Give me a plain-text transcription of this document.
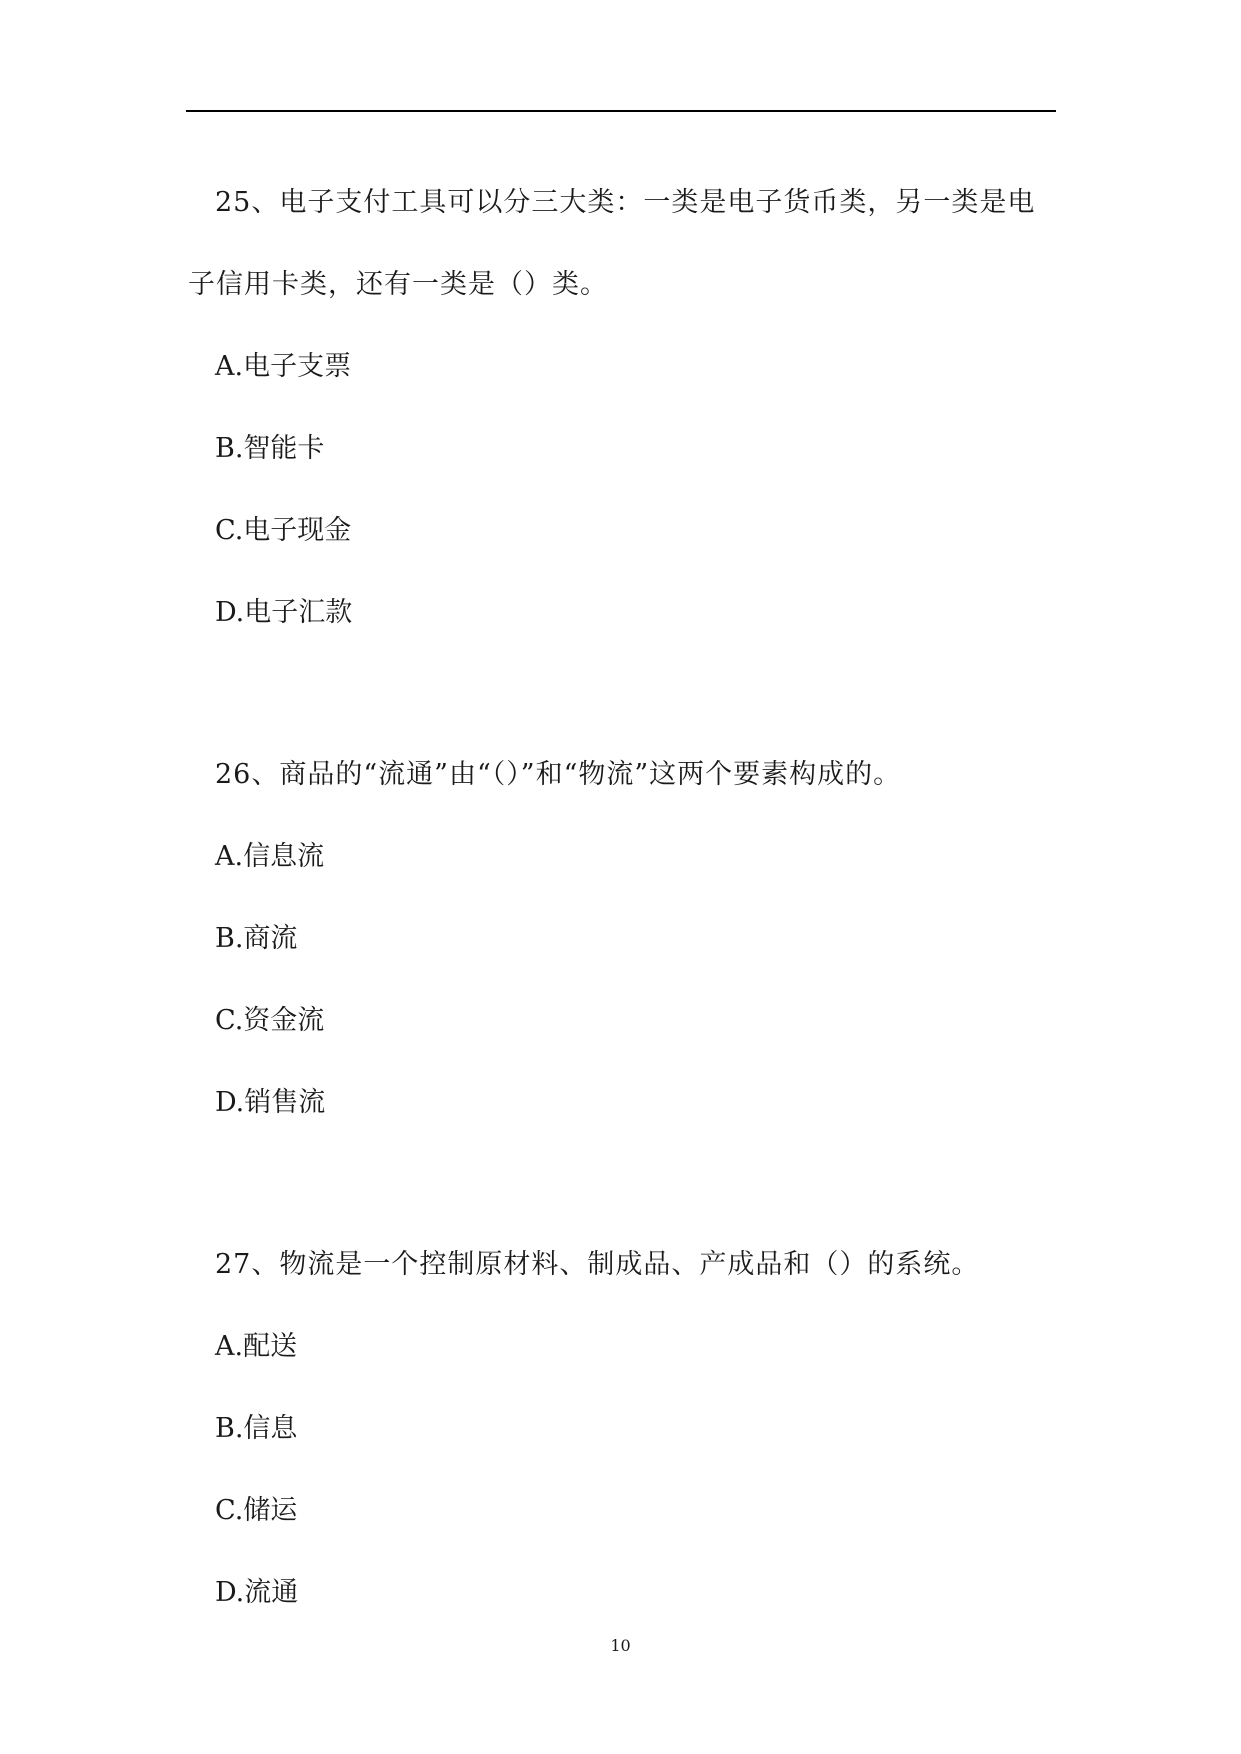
25、电子支付工具可以分三大类：一类是电子货币类，另一类是电子信用卡类，还有一类是（）类。

A.电子支票

B.智能卡

C.电子现金

D.电子汇款

26、商品的“流通”由“（）”和“物流”这两个要素构成的。

A.信息流

B.商流

C.资金流

D.销售流

27、物流是一个控制原材料、制成品、产成品和（）的系统。

A.配送

B.信息

C.储运

D.流通

10
